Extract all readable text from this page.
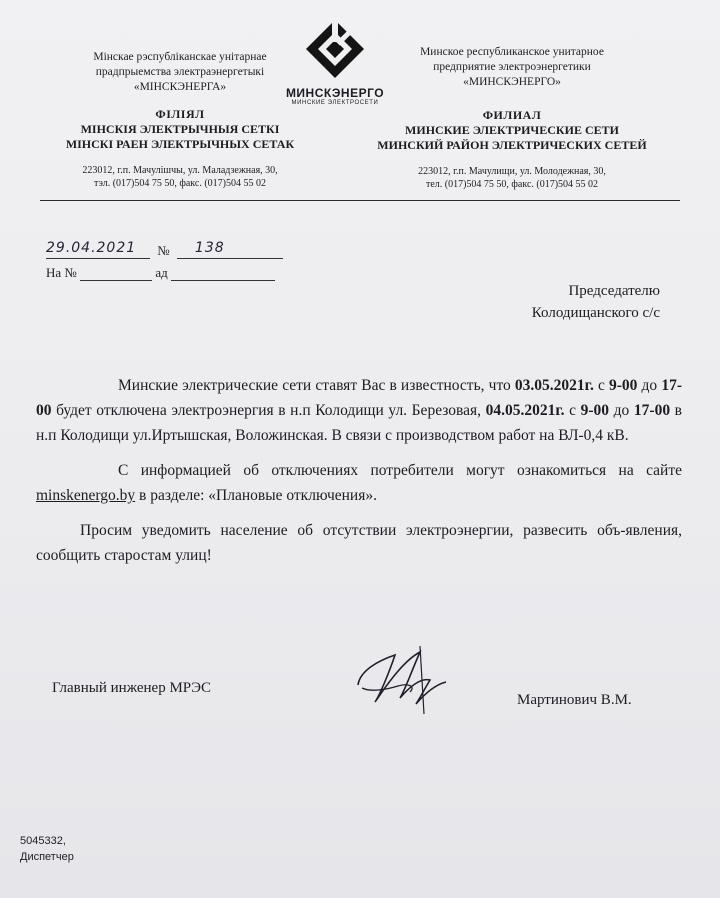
Мінскае рэспубліканскае унітарнае
прадпрыемства электраэнергетыкі
«МІНСКЭНЕРГА»
ФІЛІЯЛ
МІНСКІЯ ЭЛЕКТРЫЧНЫЯ СЕТКІ
МІНСКІ РАЕН ЭЛЕКТРЫЧНЫХ СЕТАК
223012, г.п. Мачулішчы, ул. Маладзежная, 30,
тэл. (017)504 75 50, факс. (017)504 55 02
МИНСКЭНЕРГО
МИНСКИЕ ЭЛЕКТРОСЕТИ
Минское республиканское унитарное
предприятие электроэнергетики
«МИНСКЭНЕРГО»
ФИЛИАЛ
МИНСКИЕ ЭЛЕКТРИЧЕСКИЕ СЕТИ
МИНСКИЙ РАЙОН ЭЛЕКТРИЧЕСКИХ СЕТЕЙ
223012, г.п. Мачулищи, ул. Молодежная, 30,
тел. (017)504 75 50, факс. (017)504 55 02
29.04.2021 № 138
На №	ад
Председателю
Колодищанского с/с

Минские электрические сети ставят Вас в известность, что 03.05.2021г. с 9-00 до 17-00 будет отключена электроэнергия в н.п Колодищи ул. Березовая, 04.05.2021г. с 9-00 до 17-00 в н.п Колодищи ул.Иртышская, Воложинская. В связи с производством работ на ВЛ-0,4 кВ.

С информацией об отключениях потребители могут ознакомиться на сайте minskenergo.by в разделе: «Плановые отключения».

Просим уведомить население об отсутствии электроэнергии, развесить объ-явления, сообщить старостам улиц!

Главный инженер МРЭС
Мартинович В.М.
5045332,
Диспетчер
